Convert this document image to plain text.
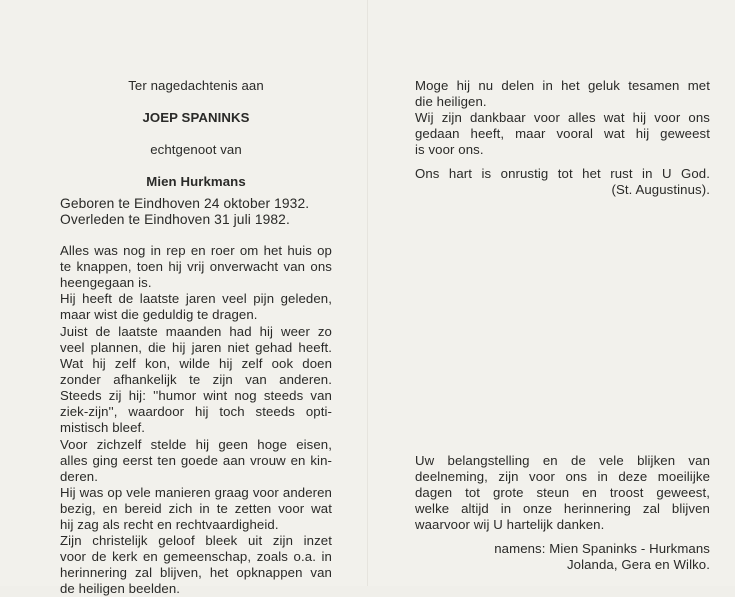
Ter nagedachtenis aan
JOEP SPANINKS
echtgenoot van
Mien Hurkmans
Geboren te Eindhoven 24 oktober 1932.
Overleden te Eindhoven 31 juli 1982.
Alles was nog in rep en roer om het huis op
te knappen, toen hij vrij onverwacht van ons
heengegaan is.
Hij heeft de laatste jaren veel pijn geleden,
maar wist die geduldig te dragen.
Juist de laatste maanden had hij weer zo
veel plannen, die hij jaren niet gehad heeft.
Wat hij zelf kon, wilde hij zelf ook doen
zonder afhankelijk te zijn van anderen.
Steeds zij hij: ''humor wint nog steeds van
ziek-zijn'', waardoor hij toch steeds opti-
mistisch bleef.
Voor zichzelf stelde hij geen hoge eisen,
alles ging eerst ten goede aan vrouw en kin-
deren.
Hij was op vele manieren graag voor anderen
bezig, en bereid zich in te zetten voor wat
hij zag als recht en rechtvaardigheid.
Zijn christelijk geloof bleek uit zijn inzet
voor de kerk en gemeenschap, zoals o.a. in
herinnering zal blijven, het opknappen van
de heiligen beelden.
Moge hij nu delen in het geluk tesamen met
die heiligen.
Wij zijn dankbaar voor alles wat hij voor ons
gedaan heeft, maar vooral wat hij geweest
is voor ons.
Ons hart is onrustig tot het rust in U God.
(St. Augustinus).
Uw belangstelling en de vele blijken van
deelneming, zijn voor ons in deze moeilijke
dagen tot grote steun en troost geweest,
welke altijd in onze herinnering zal blijven
waarvoor wij U hartelijk danken.
namens: Mien Spaninks - Hurkmans
Jolanda, Gera en Wilko.
